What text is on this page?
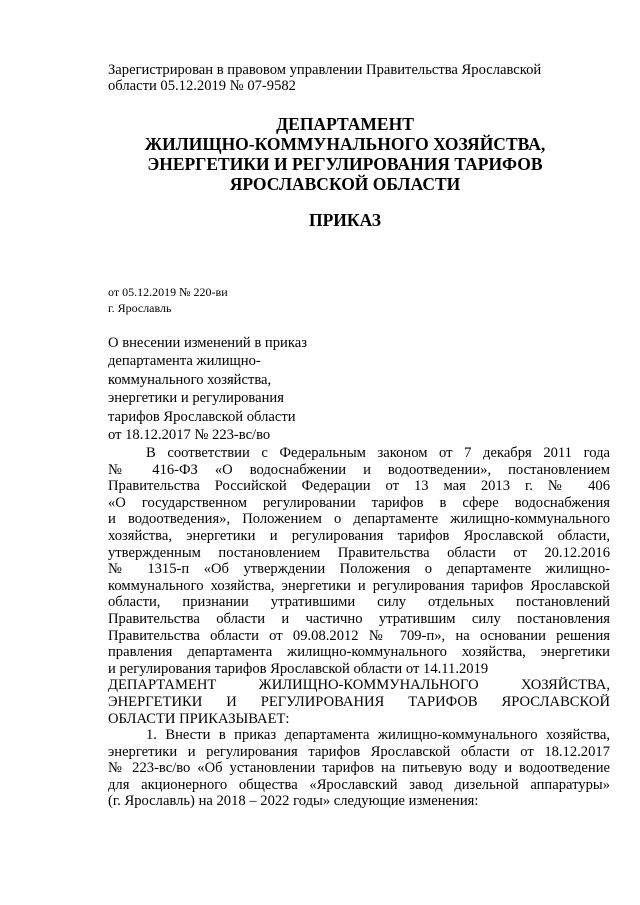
Зарегистрирован в правовом управлении Правительства Ярославской
области 05.12.2019 № 07-9582
ДЕПАРТАМЕНТ
ЖИЛИЩНО-КОММУНАЛЬНОГО ХОЗЯЙСТВА,
ЭНЕРГЕТИКИ И РЕГУЛИРОВАНИЯ ТАРИФОВ
ЯРОСЛАВСКОЙ ОБЛАСТИ
ПРИКАЗ
от 05.12.2019 № 220-ви
г. Ярославль
О внесении изменений в приказ
департамента жилищно-
коммунального хозяйства,
энергетики и регулирования
тарифов Ярославской области
от 18.12.2017 № 223-вс/во
В соответствии с Федеральным законом от 7 декабря 2011 года
№ 416-ФЗ «О водоснабжении и водоотведении», постановлением
Правительства Российской Федерации от 13 мая 2013 г. № 406
«О государственном регулировании тарифов в сфере водоснабжения
и водоотведения», Положением о департаменте жилищно-коммунального
хозяйства, энергетики и регулирования тарифов Ярославской области,
утвержденным постановлением Правительства области от 20.12.2016
№ 1315-п «Об утверждении Положения о департаменте жилищно-
коммунального хозяйства, энергетики и регулирования тарифов Ярославской
области, признании утратившими силу отдельных постановлений
Правительства области и частично утратившим силу постановления
Правительства области от 09.08.2012 № 709-п», на основании решения
правления департамента жилищно-коммунального хозяйства, энергетики
и регулирования тарифов Ярославской области от 14.11.2019
ДЕПАРТАМЕНТ ЖИЛИЩНО-КОММУНАЛЬНОГО ХОЗЯЙСТВА,
ЭНЕРГЕТИКИ И РЕГУЛИРОВАНИЯ ТАРИФОВ ЯРОСЛАВСКОЙ
ОБЛАСТИ ПРИКАЗЫВАЕТ:
1. Внести в приказ департамента жилищно-коммунального хозяйства,
энергетики и регулирования тарифов Ярославской области от 18.12.2017
№ 223-вс/во «Об установлении тарифов на питьевую воду и водоотведение
для акционерного общества «Ярославский завод дизельной аппаратуры»
(г. Ярославль) на 2018 – 2022 годы» следующие изменения:
